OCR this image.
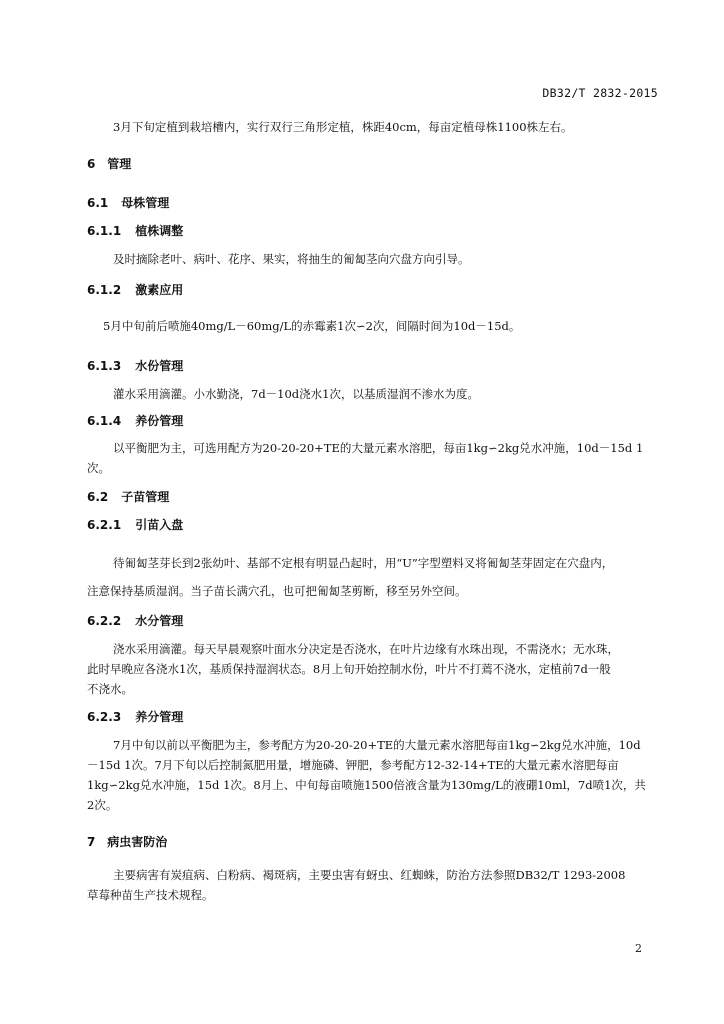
DB32/T 2832-2015
3月下旬定植到栽培槽内，实行双行三角形定植，株距40cm，每亩定植母株1100株左右。
6 管理
6.1 母株管理
6.1.1 植株调整
及时摘除老叶、病叶、花序、果实，将抽生的匍匐茎向穴盘方向引导。
6.1.2 激素应用
5月中旬前后喷施40mg/L－60mg/L的赤霉素1次∽2次，间隔时间为10d－15d。
6.1.3 水份管理
灌水采用滴灌。小水勤浇，7d－10d浇水1次，以基质湿润不渗水为度。
6.1.4 养份管理
以平衡肥为主，可选用配方为20-20-20+TE的大量元素水溶肥，每亩1kg∽2kg兑水冲施，10d－15d 1
次。
6.2 子苗管理
6.2.1 引苗入盘
待匍匐茎芽长到2张幼叶、基部不定根有明显凸起时，用“U”字型塑料叉将匍匐茎芽固定在穴盘内，
注意保持基质湿润。当子苗长满穴孔，也可把匍匐茎剪断，移至另外空间。
6.2.2 水分管理
浇水采用滴灌。每天早晨观察叶面水分决定是否浇水，在叶片边缘有水珠出现，不需浇水；无水珠，
此时早晚应各浇水1次，基质保持湿润状态。8月上旬开始控制水份，叶片不打蔫不浇水，定植前7d一般
不浇水。
6.2.3 养分管理
7月中旬以前以平衡肥为主，参考配方为20-20-20+TE的大量元素水溶肥每亩1kg∽2kg兑水冲施，10d
－15d 1次。7月下旬以后控制氮肥用量，增施磷、钾肥，参考配方12-32-14+TE的大量元素水溶肥每亩
1kg∽2kg兑水冲施，15d 1次。8月上、中旬每亩喷施1500倍液含量为130mg/L的液硼10ml，7d喷1次，共
2次。
7 病虫害防治
主要病害有炭疽病、白粉病、褐斑病，主要虫害有蚜虫、红蜘蛛，防治方法参照DB32/T 1293-2008
草莓种苗生产技术规程。
2
